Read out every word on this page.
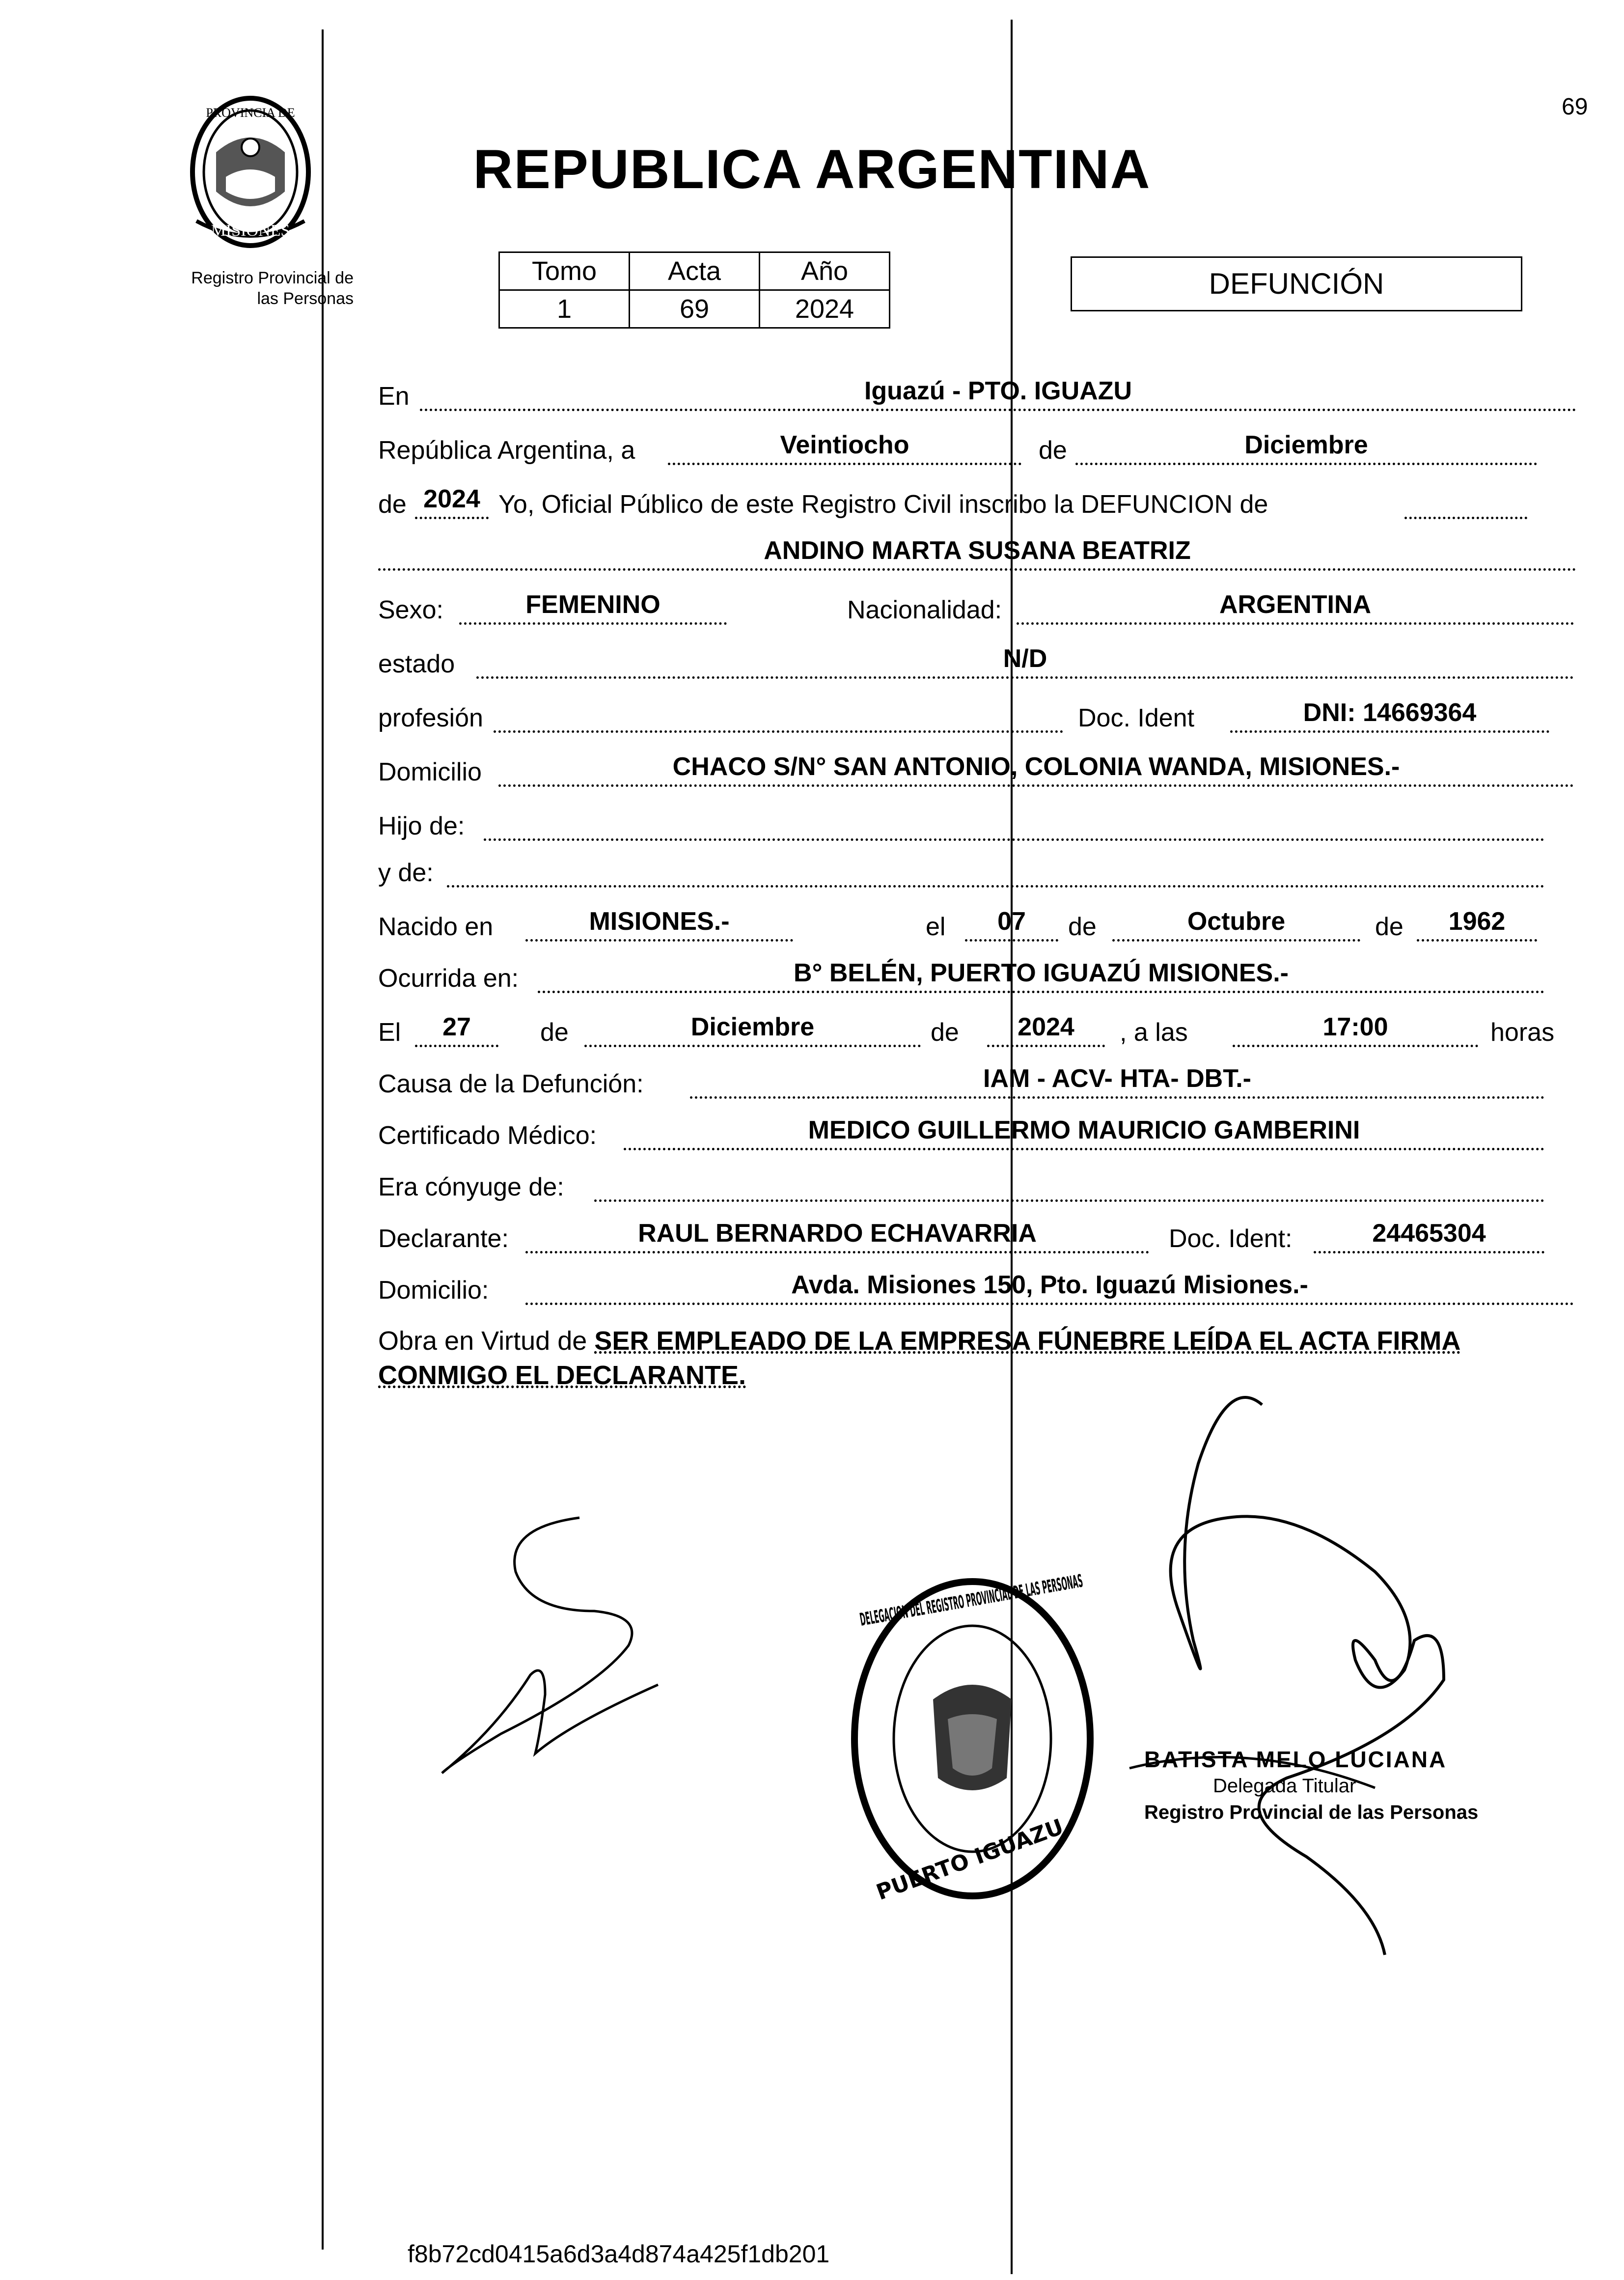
PROVINCIA DE
MISIONES
Registro Provincial de
las Personas
69
REPUBLICA ARGENTINA
Tomo	Acta	Año
1	69	2024
DEFUNCIÓN
En	Iguazú - PTO. IGUAZU
República Argentina, a	Veintiocho	de	Diciembre
de 2024 Yo, Oficial Público de este Registro Civil inscribo la DEFUNCION de
ANDINO MARTA SUSANA BEATRIZ
Sexo:	FEMENINO	Nacionalidad:	ARGENTINA
estado	N/D
profesión	Doc. Ident	DNI: 14669364
Domicilio	CHACO S/N° SAN ANTONIO, COLONIA WANDA, MISIONES.-
Hijo de:
y de:
Nacido en	MISIONES.-	el	07	de	Octubre	de	1962
Ocurrida en:	B° BELÉN, PUERTO IGUAZÚ MISIONES.-
El	27	de	Diciembre	de	2024	, a las	17:00	horas
Causa de la Defunción:	IAM - ACV- HTA- DBT.-
Certificado Médico:	MEDICO GUILLERMO MAURICIO GAMBERINI
Era cónyuge de:
Declarante:	RAUL BERNARDO ECHAVARRIA	Doc. Ident:	24465304
Domicilio:	Avda. Misiones 150, Pto. Iguazú Misiones.-
Obra en Virtud de SER EMPLEADO DE LA EMPRESA FÚNEBRE LEÍDA EL ACTA FIRMA
CONMIGO EL DECLARANTE.
PUERTO IGUAZU
DELEGACION DEL REGISTRO PROVINCIAL DE LAS PERSONAS
BATISTA MELO LUCIANA
Delegada Titular
Registro Provincial de las Personas
f8b72cd0415a6d3a4d874a425f1db201
